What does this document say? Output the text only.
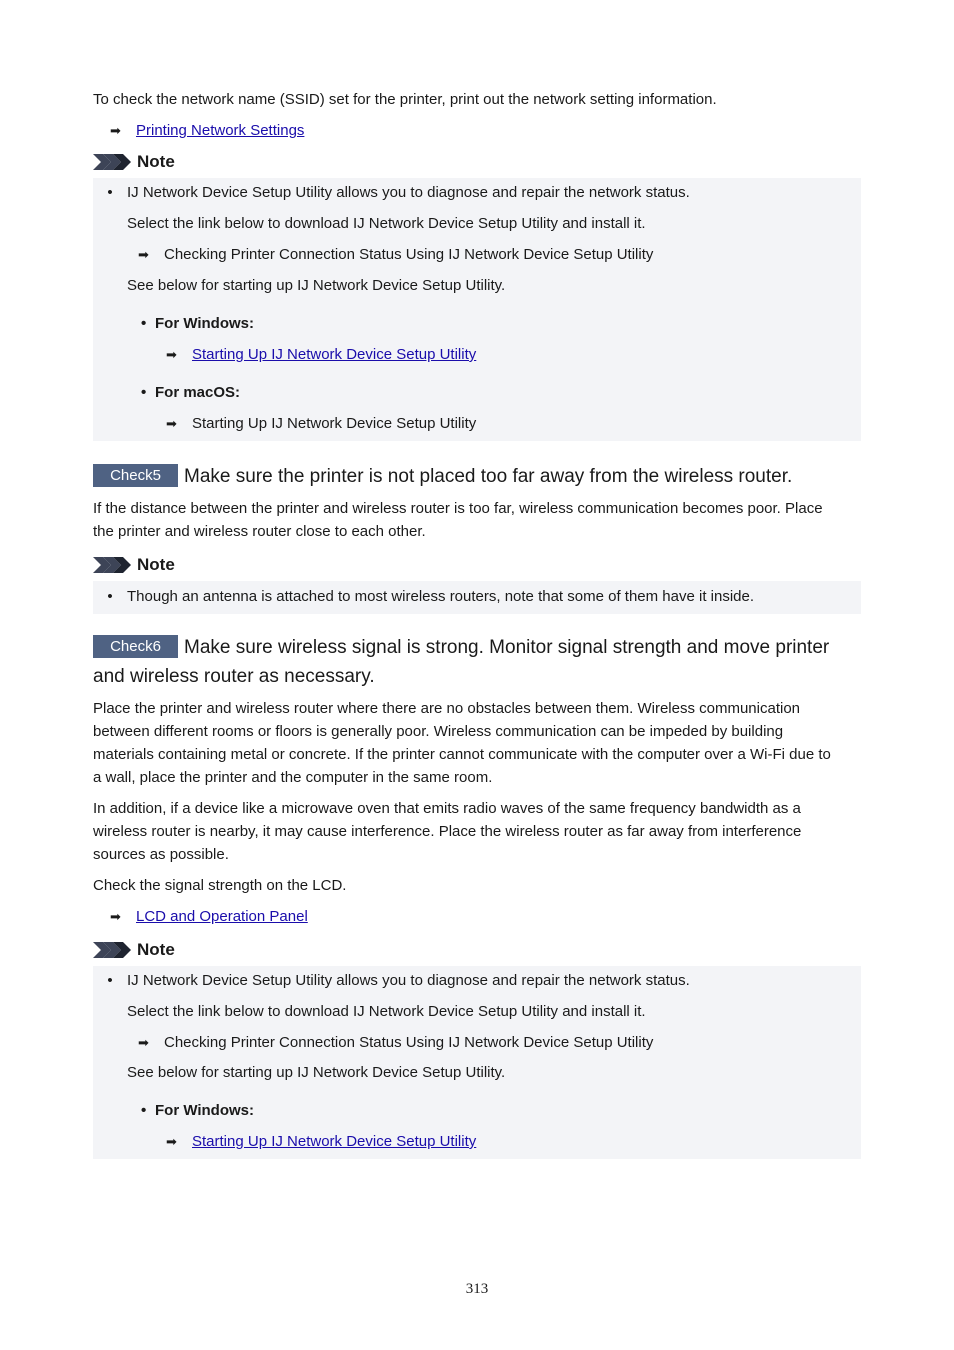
To check the network name (SSID) set for the printer, print out the network setting information.

➡ Printing Network Settings
Note
• IJ Network Device Setup Utility allows you to diagnose and repair the network status.
Select the link below to download IJ Network Device Setup Utility and install it.
➡ Checking Printer Connection Status Using IJ Network Device Setup Utility
See below for starting up IJ Network Device Setup Utility.
• For Windows:
➡ Starting Up IJ Network Device Setup Utility
• For macOS:
➡ Starting Up IJ Network Device Setup Utility
Check5 Make sure the printer is not placed too far away from the wireless router.

If the distance between the printer and wireless router is too far, wireless communication becomes poor. Place

the printer and wireless router close to each other.

Note
• Though an antenna is attached to most wireless routers, note that some of them have it inside.
Check6 Make sure wireless signal is strong. Monitor signal strength and move printer
and wireless router as necessary.

Place the printer and wireless router where there are no obstacles between them. Wireless communication

between different rooms or floors is generally poor. Wireless communication can be impeded by building

materials containing metal or concrete. If the printer cannot communicate with the computer over a Wi-Fi due to

a wall, place the printer and the computer in the same room.

In addition, if a device like a microwave oven that emits radio waves of the same frequency bandwidth as a

wireless router is nearby, it may cause interference. Place the wireless router as far away from interference

sources as possible.

Check the signal strength on the LCD.

➡ LCD and Operation Panel
Note
• IJ Network Device Setup Utility allows you to diagnose and repair the network status.
Select the link below to download IJ Network Device Setup Utility and install it.
➡ Checking Printer Connection Status Using IJ Network Device Setup Utility
See below for starting up IJ Network Device Setup Utility.
• For Windows:
➡ Starting Up IJ Network Device Setup Utility
313
